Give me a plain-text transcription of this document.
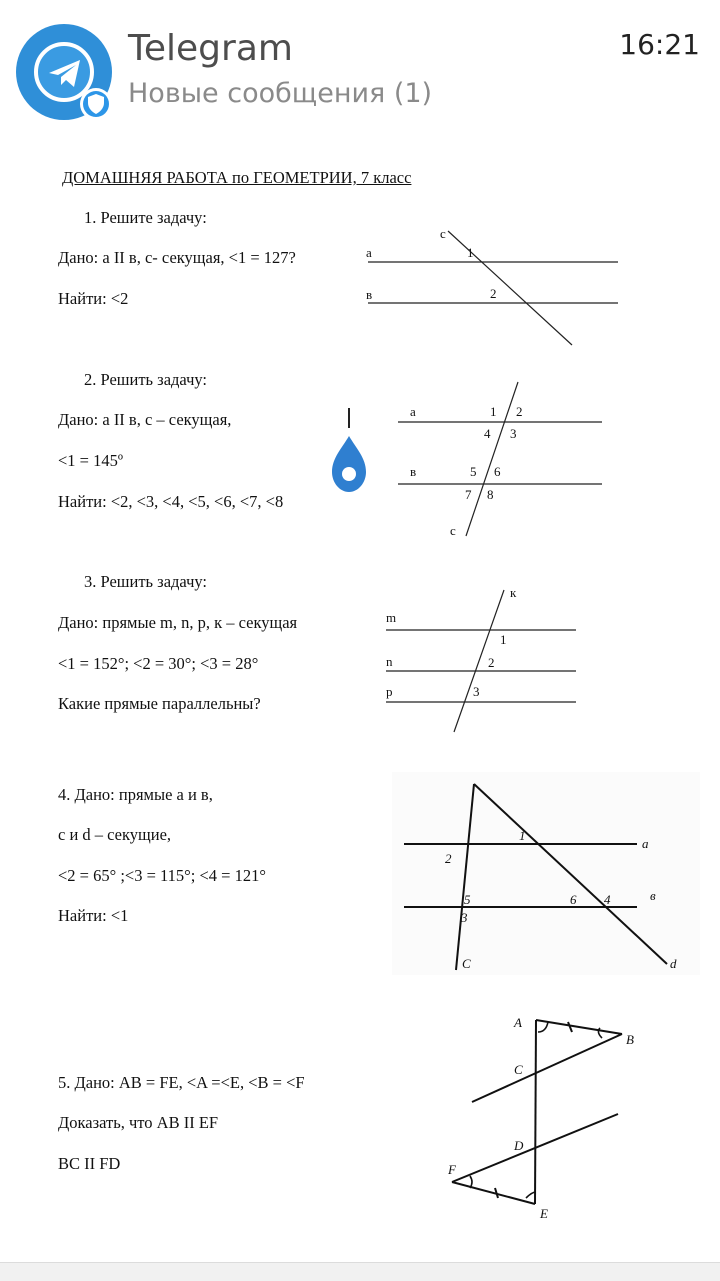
Telegram
Новые сообщения (1)
16:21
ДОМАШНЯЯ РАБОТА по ГЕОМЕТРИИ, 7 класс
1. Решите задачу:
Дано: а II в, с- секущая, <1 = 127?
Найти: <2
с
а
в
1
2
2. Решить задачу:
Дано: а II в, с – секущая,
<1 = 145º
Найти: <2, <3, <4, <5, <6, <7, <8
а
в
с
1 2
3
4
5 6
7 8
3. Решить задачу:
Дано: прямые m, n, p, к – секущая
<1 = 152°; <2 = 30°; <3 = 28°
Какие прямые параллельны?
к
m
n
p
1
2
3
4. Дано: прямые а и в,
с и d – секущие,
<2 = 65° ;<3 = 115°; <4 = 121°
Найти: <1
a
в
C	d
1
2
3
4
5	6
5. Дано: AB = FE, <A =<E, <B = <F
Доказать, что AB II EF
BC II FD
A
B
C
D
E
F
